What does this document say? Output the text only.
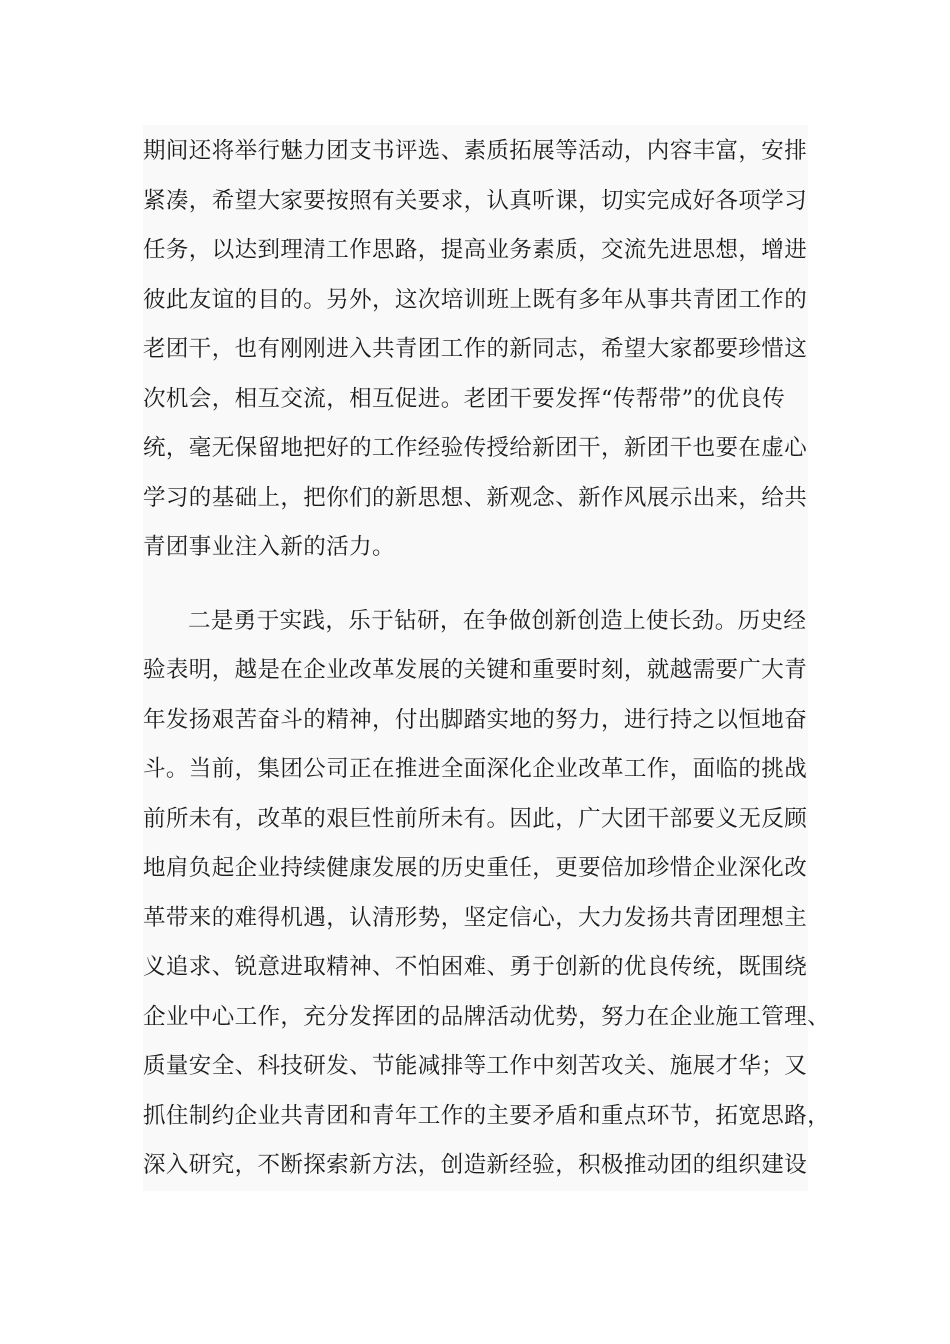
期间还将举行魅力团支书评选、素质拓展等活动，内容丰富，安排
紧凑，希望大家要按照有关要求，认真听课，切实完成好各项学习
任务，以达到理清工作思路，提高业务素质，交流先进思想，增进
彼此友谊的目的。另外，这次培训班上既有多年从事共青团工作的
老团干，也有刚刚进入共青团工作的新同志，希望大家都要珍惜这
次机会，相互交流，相互促进。老团干要发挥“传帮带”的优良传
统，毫无保留地把好的工作经验传授给新团干，新团干也要在虚心
学习的基础上，把你们的新思想、新观念、新作风展示出来，给共
青团事业注入新的活力。
二是勇于实践，乐于钻研，在争做创新创造上使长劲。历史经
验表明，越是在企业改革发展的关键和重要时刻，就越需要广大青
年发扬艰苦奋斗的精神，付出脚踏实地的努力，进行持之以恒地奋
斗。当前，集团公司正在推进全面深化企业改革工作，面临的挑战
前所未有，改革的艰巨性前所未有。因此，广大团干部要义无反顾
地肩负起企业持续健康发展的历史重任，更要倍加珍惜企业深化改
革带来的难得机遇，认清形势，坚定信心，大力发扬共青团理想主
义追求、锐意进取精神、不怕困难、勇于创新的优良传统，既围绕
企业中心工作，充分发挥团的品牌活动优势，努力在企业施工管理、
质量安全、科技研发、节能减排等工作中刻苦攻关、施展才华；又
抓住制约企业共青团和青年工作的主要矛盾和重点环节，拓宽思路，
深入研究，不断探索新方法，创造新经验，积极推动团的组织建设
